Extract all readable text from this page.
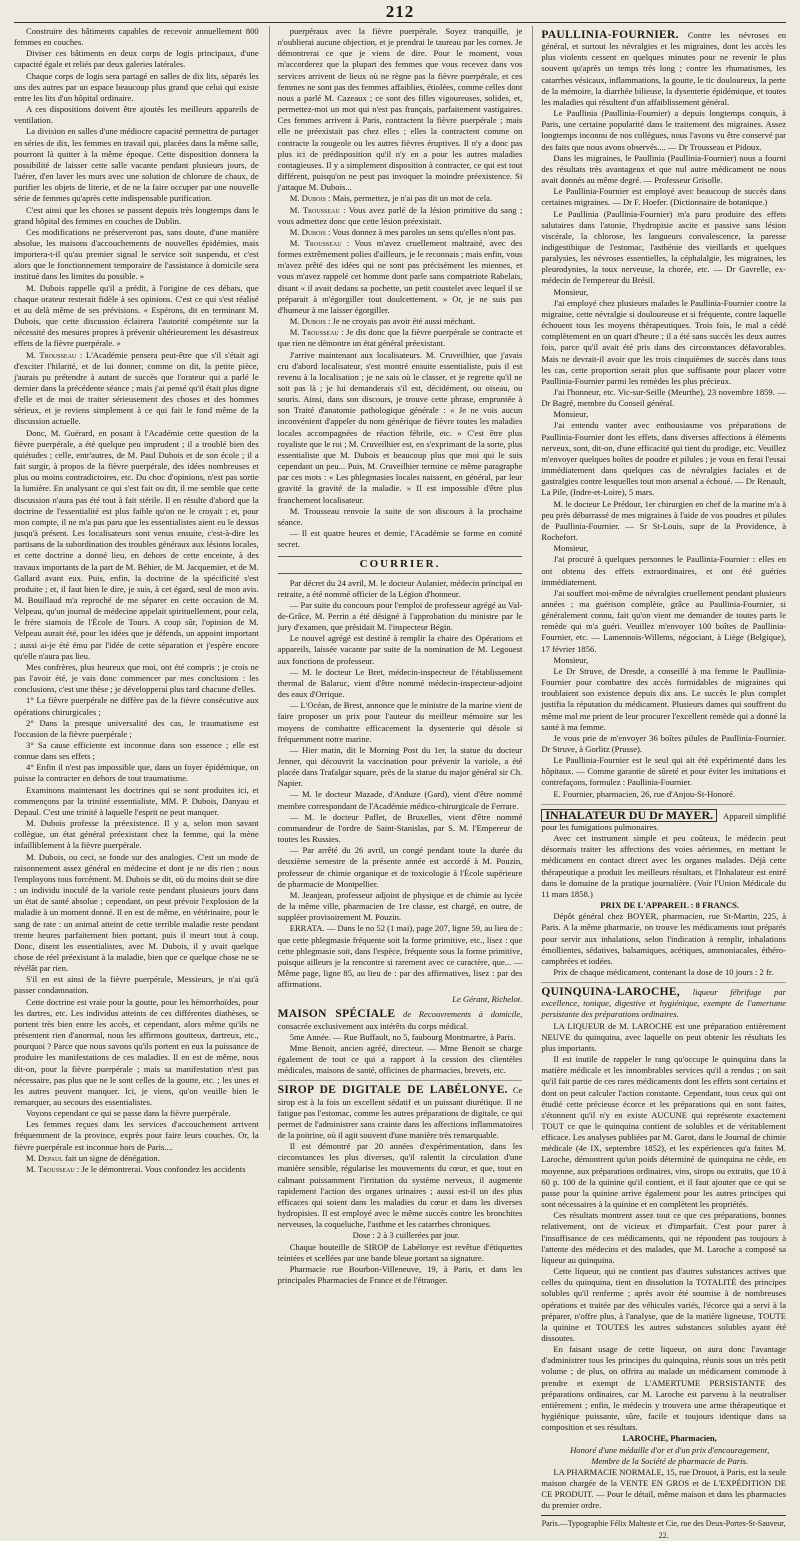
212

Construire des bâtiments capables de recevoir annuellement 800 femmes en couches.

Diviser ces bâtiments en deux corps de logis principaux, d'une capacité égale et reliés par deux galeries latérales.

Chaque corps de logis sera partagé en salles de dix lits, séparés les uns des autres par un espace beaucoup plus grand que celui qui existe entre les lits d'un hôpital ordinaire.

A ces dispositions doivent être ajoutés les meilleurs appareils de ventilation.

La division en salles d'une médiocre capacité permettra de partager en séries de dix, les femmes en travail qui, placées dans la même salle, pourront là quitter à la même époque. Cette disposition donnera la possibilité de laisser cette salle vacante pendant plusieurs jours, de l'aérer, d'en laver les murs avec une solution de chlorure de chaux, de purifier les objets de literie, et de ne la faire occuper par une nouvelle série de femmes qu'après cette indispensable purification.

C'est ainsi que les choses se passent depuis très longtemps dans le grand hôpital des femmes en couches de Dublin.

Ces modifications ne préserveront pas, sans doute, d'une manière absolue, les maisons d'accouchements de nouvelles épidémies, mais importera-t-il qu'au premier signal le service soit suspendu, et c'est alors que le fonctionnement temporaire de l'assistance à domicile sera institué dans les limites du possible. »

M. Dubois rappelle qu'il a prédit, à l'origine de ces débats, que chaque orateur resterait fidèle à ses opinions. C'est ce qui s'est réalisé et au delà même de ses prévisions. « Espérons, dit en terminant M. Dubois, que cette discussion éclairera l'autorité compétente sur la nécessité des mesures propres à prévenir ultérieurement les désastreux effets de la fièvre puerpérale. »

M. Trousseau : L'Académie pensera peut-être que s'il s'était agi d'exciter l'hilarité, et de lui donner, comme on dit, la petite pièce, j'aurais pu prétendre à autant de succès que l'orateur qui a parlé le dernier dans la précédente séance ; mais j'ai pensé qu'il était plus digne d'elle et de moi de traiter sérieusement des choses et des hommes sérieux, et je reviens simplement à ce qui fait le fond même de la discussion actuelle.

Donc, M. Guérard, en posant à l'Académie cette question de la fièvre puerpérale, a été quelque peu imprudent ; il a troublé bien des quiétudes ; celle, entr'autres, de M. Paul Dubois et de son école ; il a fait surgir, à propos de la fièvre puerpérale, des idées nombreuses et plus ou moins contradictoires, etc. Du choc d'opinions, n'est pas sortie la lumière. En analysant ce qui s'est fait ou dit, il me semble que cette discussion n'aura pas été tout à fait stérile. Il en résulte d'abord que la doctrine de l'essentialité est plus faible qu'on ne le croyait ; et, pour mon compte, il ne m'a pas paru que les essentialistes aient eu le dessus jusqu'à présent. Les localisateurs sont venus ensuite, c'est-à-dire les partisans de la subordination des troubles généraux aux lésions locales, et cette doctrine a donné lieu, en dehors de cette enceinte, à des travaux importants de la part de M. Béhier, de M. Jacquemier, et de M. Gallard avant eux. Puis, enfin, la doctrine de la spécificité s'est produite ; et, il faut bien le dire, je suis, à cet égard, seul de mon avis. M. Bouillaud m'a reproché de me séparer en cette occasion de M. Velpeau, qu'un journal de médecine appelait spirituellement, pour cela, le frère siamois de l'École de Tours. A coup sûr, l'opinion de M. Velpeau aurait été, pour les idées que je défends, un appoint important ; aussi ai-je été ému par l'idée de cette séparation et j'espère encore qu'elle n'aura pas lieu.

Mes confrères, plus heureux que moi, ont été compris ; je crois ne pas l'avoir été, je vais donc commencer par mes conclusions : les conclusions, c'est une thèse ; je développerai plus tard chacune d'elles.

1° La fièvre puerpérale ne diffère pas de la fièvre consécutive aux opérations chirurgicales ;

2° Dans la presque universalité des cas, le traumatisme est l'occasion de la fièvre puerpérale ;

3° Sa cause efficiente est inconnue dans son essence ; elle est connue dans ses effets ;

4° Enfin il n'est pas impossible que, dans un foyer épidémique, on puisse la contracter en dehors de tout traumatisme.

Examinons maintenant les doctrines qui se sont produites ici, et commençons par la triniité essentialiste, MM. P. Dubois, Danyau et Depaul. C'est une trinité à laquelle l'esprit ne peut manquer.

M. Dubois professe la préexistence. Il y a, selon mon savant collègue, un état général préexistant chez la femme, qui la mène infailliblement à la fièvre puerpérale.

M. Dubois, ou ceci, se fonde sur des analogies. C'est un mode de raisonnement assez général en médecine et dont je ne dis rien ; nous l'employons tous forcément. M. Dubois se dit, où du moins doit se dire : un individu inoculé de la variole reste pendant plusieurs jours dans un état de santé absolue ; cependant, on peut prévoir l'explosion de la maladie à un moment donné. Il en est de même, en vétérinaire, pour le sang de rate : un animal atteint de cette terrible maladie reste pendant trente heures parfaitement bien portant, puis il meurt tout à coup. Donc, disent les essentialistes, avec M. Dubois, il y avait quelque chose de réel préexistant à la maladie, bien que ce quelque chose ne se révélât par rien.

S'il en est ainsi de la fièvre puerpérale, Messieurs, je n'ai qu'à passer condamnation.

Cette doctrine est vraie pour la goutte, pour les hémorrhoïdes, pour les dartres, etc. Les individus atteints de ces différentes diathèses, se portent très bien entre les accès, et cependant, alors même qu'ils ne présentent rien d'anormal, nous les affirmons goutteux, dartreux, etc., pourquoi ? Parce que nous savons qu'ils portent en eux la puissance de produire les manifestations de ces maladies. Il en est de même, nous dit-on, pour la fièvre puerpérale ; mais sa manifestation n'est pas nécessaire, pas plus que ne le sont celles de la goutte, etc. ; les unes et les autres peuvent manquer. Ici, je viens, qu'on veuille bien le remarquer, au secours des essentialistes.

Voyons cependant ce qui se passe dans la fièvre puerpérale.

Les femmes reçues dans les services d'accouchement arrivent fréquemment de la province, exprès pour faire leurs couches. Or, la fièvre puerpérale est inconnue hors de Paris....

M. Depaul fait un signe de dénégation.

M. Trousseau : Je le démontrerai. Vous confondez les accidents

puerpéraux avec la fièvre puerpérale. Soyez tranquille, je n'oublierai aucune objection, et je prendrai le taureau par les cornes. Je démontrerai ce que je viens de dire. Pour le moment, vous m'accorderez que la plupart des femmes que vous recevez dans vos services arrivent de lieux où ne règne pas la fièvre puerpérale, et ces femmes ne sont pas des femmes affaiblies, étiolées, comme celles dont nous a parlé M. Cazeaux ; ce sont des filles vigoureuses, solides, et, permettez-moi un mot qui n'est pas français, parfaitement vastigaires. Ces femmes arrivent à Paris, contractent la fièvre puerpérale ; mais elle ne préexistait pas chez elles ; elles la contractent comme on contracte la rougeole ou les autres fièvres éruptives. Il n'y a donc pas plus ici de prédisposition qu'il n'y en a pour les autres maladies contagieuses. Il y a simplement disposition à contracter, ce qui est tout différent, puisqu'on ne peut pas invoquer la moindre préexistence. Si j'attaque M. Dubois...

M. Dubois : Mais, permettez, je n'ai pas dit un mot de cela.

M. Trousseau : Vous avez parlé de la lésion primitive du sang ; vous admettez donc que cette lésion préexistait.

M. Dubois : Vous donnez à mes paroles un sens qu'elles n'ont pas.

M. Trousseau : Vous m'avez cruellement maltraité, avec des formes extrêmement polies d'ailleurs, je le reconnais ; mais enfin, vous m'avez prêté des idées qui ne sont pas précisément les miennes, et vous m'avez rappelé cet homme dont parle sans compatriote Rabelais, disant « il avait dedans sa pochette, un petit coustelet avec lequel il se préparait à m'égorgiller tout doulcettement. » Or, je ne suis pas d'humeur à me laisser égorgiller.

M. Dubois : Je ne croyais pas avoir été aussi méchant.

M. Trousseau : Je dis donc que la fièvre puerpérale se contracte et que rien ne démontre un état général préexistant.

J'arrive maintenant aux localisateurs. M. Cruveilhier, que j'avais cru d'abord localisateur, s'est montré ensuite essentialiste, puis il est revenu à la localisation ; je ne sais où le classer, et je regrette qu'il ne soit pas là ; je lui demanderais s'il est, décidément, ou oiseau, ou souris. Ainsi, dans son discours, je trouve cette phrase, empruntée à son Traité d'anatomie pathologique générale : « Je ne vois aucun inconvénient d'appeler du nom générique de fièvre toutes les maladies locales accompagnées de réaction fébrile, etc. » C'est être plus royaliste que le roi ; M. Cruveilhier est, en s'exprimant de la sorte, plus essentialiste que M. Dubois et beaucoup plus que moi qui le suis cependant un peu... Puis, M. Cruveilhier termine ce même paragraphe par ces mots : « Les phlegmasies locales naissent, en général, par leur gravité la gravité de la maladie. » Il est impossible d'être plus franchement localisateur.

M. Trousseau renvoie la suite de son discours à la prochaine séance.

— Il est quatre heures et demie, l'Académie se forme en comité secret.

COURRIER.

Par décret du 24 avril, M. le docteur Aulanier, médecin principal en retraite, a été nommé officier de la Légion d'honneur.

— Par suite du concours pour l'emploi de professeur agrégé au Val-de-Grâce, M. Perrin a été désigné à l'approbation du ministre par le jury d'examen, que présidait M. l'inspecteur Bégin.

Le nouvel agrégé est destiné à remplir la chaire des Opérations et appareils, laissée vacante par suite de la nomination de M. Legouest aux fonctions de professeur.

— M. le docteur Le Bret, médecin-inspecteur de l'établissement thermal de Balaruc, vient d'être nommé médecin-inspecteur-adjoint des eaux d'Orrique.

— L'Océan, de Brest, annonce que le ministre de la marine vient de faire proposer un prix pour l'auteur du meilleur mémoire sur les moyens de combattre efficacement la dysenterie qui désole si fréquemment notre marine.

— Hier matin, dit le Morning Post du 1er, la statue du docteur Jenner, qui découvrit la vaccination pour prévenir la variole, a été placée dans Trafalgar square, près de la statue du major général sir Ch. Napier.

— M. le docteur Mazade, d'Anduze (Gard), vient d'être nommé membre correspondant de l'Académie médico-chirurgicale de Ferrare.

— M. le docteur Paflet, de Bruxelles, vient d'être nommé commandeur de l'ordre de Saint-Stanislas, par S. M. l'Empereur de toutes les Russies.

— Par arrêté du 26 avril, un congé pendant toute la durée du deuxième semestre de la présente année est accordé à M. Pouzin, professeur de chimie organique et de toxicologie à l'École supérieure de pharmacie de Montpellier.

M. Jeanjean, professeur adjoint de physique et de chimie au lycée de la même ville, pharmacien de 1re classe, est chargé, en outre, de suppléer provisoirement M. Pouzin.

ERRATA. — Dans le no 52 (1 mai), page 207, ligne 59, au lieu de : que cette phlegmasie fréquente soit la forme primitive, etc., lisez : que cette phlegmasie soit, dans l'espèce, fréquente sous la forme primitive, puisque ailleurs je la rencontre si rarement avec ce caractère, que... — Même page, ligne 85, au lieu de : par des affirmatives, lisez : par des affirmations.

Le Gérant, Richelot.

MAISON SPÉCIALE de Recouvrements à domicile, consacrée exclusivement aux intérêts du corps médical.

5me Année. — Rue Buffault, no 5, faubourg Montmartre, à Paris.

Mme Benoit, ancien agréé, directeur. — Mme Benoit se charge également de tout ce qui a rapport à la cession des clientèles médicales, maisons de santé, officines de pharmacies, brevets, etc.

SIROP DE DIGITALE DE LABÉLONYE. Ce sirop est à la fois un excellent sédatif et un puissant diurétique. Il ne fatigue pas l'estomac, comme les autres préparations de digitale, ce qui permet de l'administrer sans crainte dans les affections inflammatoires de la poitrine, où il agit souvent d'une manière très remarquable.

Il est démontré par 20 années d'expérimentation, dans les circonstances les plus diverses, qu'il ralentit la circulation d'une manière sensible, régularise les mouvements du cœur, et que, tout en calmant puissamment l'irritation du système nerveux, il augmente rapidement l'action des organes urinaires ; aussi est-il un des plus efficaces qui soient dans les maladies du cœur et dans les diverses hydropisies. Il est employé avec le même succès contre les bronchites nerveuses, la coqueluche, l'asthme et les catarrhes chroniques.

Dose : 2 à 3 cuillerées par jour.

Chaque bouteille de SIROP de Labélonye est revêtue d'étiquettes teintées et scellées par une bande bleue portant sa signature.

Pharmacie rue Bourbon-Villeneuve, 19, à Paris, et dans les principales Pharmacies de France et de l'étranger.

PAULLINIA-FOURNIER. Contre les névroses en général, et surtout les névralgies et les migraines, dont les accès les plus violents cessent en quelques minutes pour ne revenir le plus souvent qu'après un temps très long ; contre les rhumatismes, les catarrhes vésicaux, inflammations, la goutte, le tic douloureux, la perte de la mémoire, la diarrhée bilieuse, la dysenterie épidémique, et toutes les maladies qui résultent d'un affaiblissement général.

Le Paullinia (Paullinia-Fournier) a depuis longtemps conquis, à Paris, une certaine popularité dans le traitement des migraines. Assez longtemps inconnu de nos collègues, nous l'avons vu être conservé par des faits que nous avons observés.... — Dr Trousseau et Pidoux.

Dans les migraines, le Paullinia (Paullinia-Fournier) nous a fourni des résultats très avantageux et que nul autre médicament ne nous avait donnés au même degré. — Professeur Grisolle.

Le Paullinia-Fournier est employé avec beaucoup de succès dans certaines migraines. — Dr F. Hoefer. (Dictionnaire de botanique.)

Le Paullinia (Paullinia-Fournier) m'a paru produire des effets salutaires dans l'atonie, l'hydropisie ascite et passive sans lésion viscérale, la chlorose, les langueurs convalescence, la paresse indigestibique de l'estomac, l'asthénie des vieillards et quelques paralysies, les névroses essentielles, la céphalalgie, les migraines, les pleurodynies, la toux nerveuse, la chorée, etc. — Dr Gavrelle, ex-médecin de l'empereur du Brésil.

Monsieur,

J'ai employé chez plusieurs malades le Paullinia-Fournier contre la migraine, cette névralgie si douloureuse et si fréquente, contre laquelle échouent tous les moyens thérapeutiques. Trois fois, le mal a cédé complètement en un quart d'heure ; il a été sans succès les deux autres fois, parce qu'il avait été pris dans des circonstances défavorables. Mais ne devrait-il avoir que les trois cinquièmes de succès dans tous les cas, cette proportion serait plus que suffisante pour placer votre Paullinia-Fournier parmi les remèdes les plus précieux.

J'ai l'honneur, etc. Vic-sur-Seille (Meurthe), 23 novembre 1859. — Dr Bagré, membre du Conseil général.

Monsieur,

J'ai entendu vanter avec enthousiasme vos préparations de Paullinia-Fournier dont les effets, dans diverses affections à éléments nerveux, sont, dit-on, d'une efficacité qui tient du prodige, etc. Veuillez m'envoyer quelques boîtes de poudre et pilules ; je vous en ferai l'essai immédiatement dans quelques cas de névralgies faciales et de gastralgies contre lesquelles tout mon arsenal a échoué. — Dr Renault, La Pile, (Indre-et-Loire), 5 mars.

M. le docteur Le Prédour, 1er chirurgien en chef de la marine m'a à peu près débarrassé de mes migraines à l'aide de vos poudres et pilules de Paullinia-Fournier. — Sr St-Louis, supr de la Providence, à Rochefort.

Monsieur,

J'ai procuré à quelques personnes le Paullinia-Fournier : elles en ont obtenu des effets extraordinaires, et ont été guéries immédiatement.

J'ai souffert moi-même de névralgies cruellement pendant plusieurs années ; ma guérison complète, grâce au Paullinia-Fournier, si généralement connu, fait qu'on vient me demander de toutes parts le remède qui m'a guéri. Veuillez m'envoyer 100 boîtes de Paullinia-Fournier, etc. — Lamennois-Willems, négociant, à Liège (Belgique), 17 février 1856.

Monsieur,

Le Dr Struve, de Dresde, a conseillé à ma femme le Paullinia-Fournier pour combattre des accès formidables de migraines qui troublaient son existence depuis dix ans. Le succès le plus complet justifia la réputation du médicament. Plusieurs dames qui souffrent du même mal me prient de leur procurer l'excellent remède qui a donné la santé à ma femme.

Je vous prie de m'envoyer 36 boîtes pilules de Paullinia-Fournier. Dr Struve, à Gorlitz (Prusse).

Le Paullinia-Fournier est le seul qui ait été expérimenté dans les hôpitaux. — Comme garantie de sûreté et pour éviter les imitations et contrefaçons, formulez : Paullinia-Fournier.

E. Fournier, pharmacien, 26, rue d'Anjou-St-Honoré.

INHALATEUR DU Dr MAYER. Appareil simplifié pour les fumigations pulmonaires.

Avec cet instrument simple et peu coûteux, le médecin peut désormais traiter les affections des voies aériennes, en mettant le médicament en contact direct avec les organes malades. Déjà cette thérapeutique a produit les meilleurs résultats, et l'Inhalateur est entré dans le domaine de la pratique journalière. (Voir l'Union Médicale du 11 mars 1858.)

PRIX DE L'APPAREIL : 8 FRANCS.

Dépôt général chez BOYER, pharmacien, rue St-Martin, 225, à Paris. A la même pharmacie, on trouve les médicaments tout préparés pour servir aux inhalations, selon l'indication à remplir, inhalations émollientes, sédatives, balsamiques, acétiques, ammoniacales, éthéro-camphrées et iodées.

Prix de chaque médicament, contenant la dose de 10 jours : 2 fr.

QUINQUINA-LAROCHE, liqueur fébrifuge par excellence, tonique, digestive et hygiénique, exempte de l'amertume persistante des préparations ordinaires.

LA LIQUEUR de M. LAROCHE est une préparation entièrement NEUVE du quinquina, avec laquelle on peut obtenir les résultats les plus importants.

Il est inutile de rappeler le rang qu'occupe le quinquina dans la matière médicale et les innombrables services qu'il a rendus ; on sait qu'il fait partie de ces rares médicaments dont les effets sont certains et dont on peut calculer l'action constante. Cependant, tous ceux qui ont étudié cette précieuse écorce et les préparations qui en sont faites, s'étonnent qu'il n'y en existe AUCUNE qui représente exactement TOUT ce que le quinquina contient de solubles et de véritablement efficace. Les analyses publiées par M. Garot, dans le Journal de chimie médicale (4e IX, septembre 1852), et les expériences qu'a faites M. Laroche, démontrent qu'un poids déterminé de quinquina ne cède, en moyenne, aux préparations ordinaires, vins, sirops ou extraits, que 10 à 60 p. 100 de la quinine qu'il contient, et il faut ajouter que ce qui se passe pour la quinine arrive également pour les autres principes qui sont nécessaires à la quinine et en complètent les propriétés.

Ces résultats montrent assez tout ce que ces préparations, bonnes relativement, ont de vicieux et d'imparfait. C'est pour parer à l'insuffisance de ces médicaments, qui ne répondent pas toujours à l'attente des médecins et des malades, que M. Laroche a composé sa liqueur au quinquina.

Cette liqueur, qui ne contient pas d'autres substances actives que celles du quinquina, tient en dissolution la TOTALITÉ des principes solubles qu'il renferme ; après avoir été soumise à de nombreuses opérations et traitée par des véhicules variés, l'écorce qui a servi à la préparer, n'offre plus, à l'analyse, que de la matière ligneuse, TOUTE la quinine et TOUTES les autres substances solubles ayant été dissoutes.

En faisant usage de cette liqueur, on aura donc l'avantage d'administrer tous les principes du quinquina, réunis sous un très petit volume ; de plus, on offrira au malade un médicament commode à prendre et exempt de L'AMERTUME PERSISTANTE des préparations ordinaires, car M. Laroche est parvenu à la neutraliser entièrement ; enfin, le médecin y trouvera une arme thérapeutique et hygiénique puissante, sûre, facile et toujours identique dans sa composition et ses résultats.

LAROCHE, Pharmacien,

Honoré d'une médaille d'or et d'un prix d'encouragement,

Membre de la Société de pharmacie de Paris.

LA PHARMACIE NORMALE, 15, rue Drouot, à Paris, est la seule maison chargée de la VENTE EN GROS et de L'EXPÉDITION DE CE PRODUIT. — Pour le détail, même maison et dans les pharmacies du premier ordre.

Paris.—Typographie Félix Malteste et Cie, rue des Deux-Portes-St-Sauveur, 22.
